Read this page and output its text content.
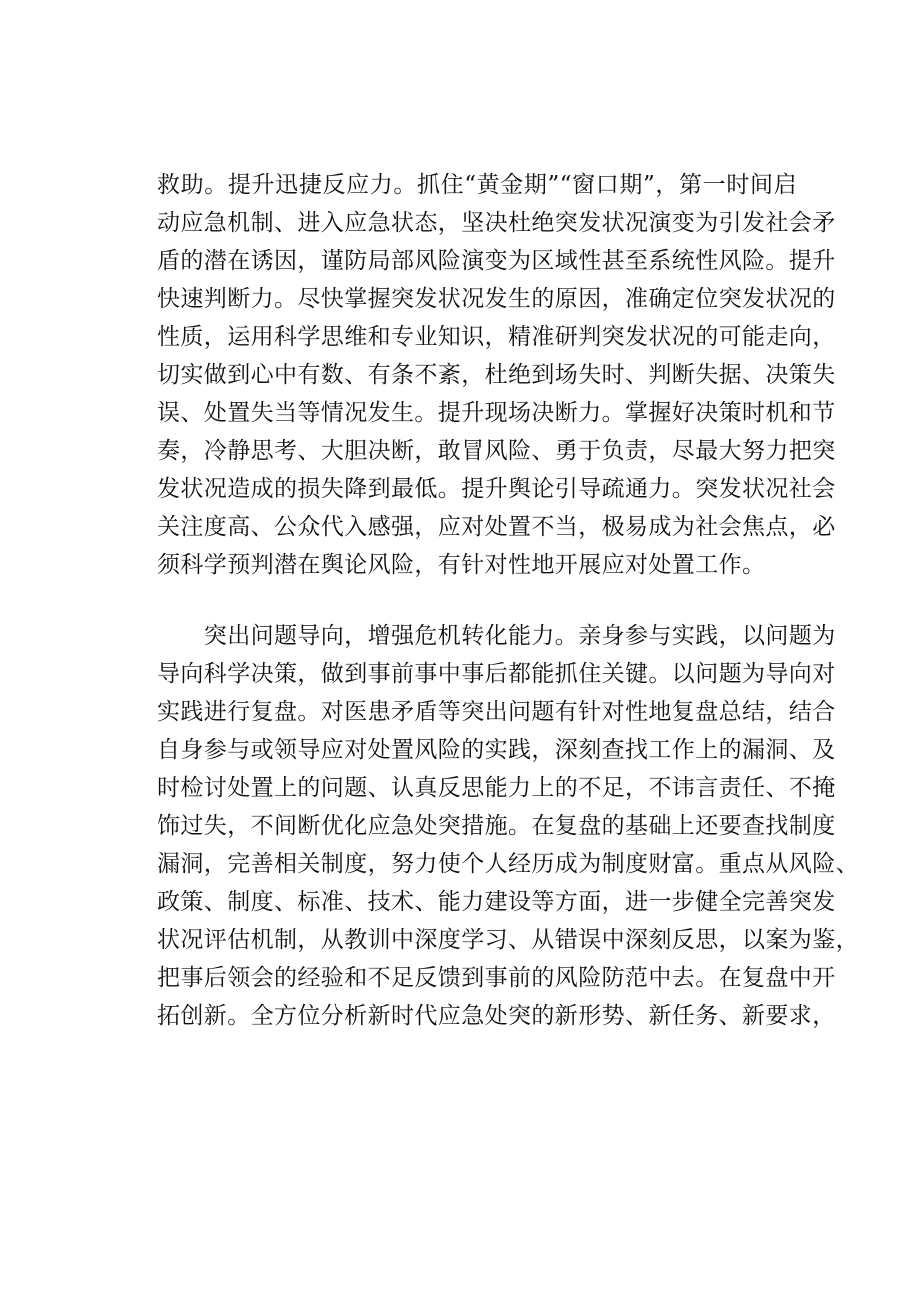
救助。提升迅捷反应力。抓住“黄金期”“窗口期”，第一时间启
动应急机制、进入应急状态，坚决杜绝突发状况演变为引发社会矛
盾的潜在诱因，谨防局部风险演变为区域性甚至系统性风险。提升
快速判断力。尽快掌握突发状况发生的原因，准确定位突发状况的
性质，运用科学思维和专业知识，精准研判突发状况的可能走向，
切实做到心中有数、有条不紊，杜绝到场失时、判断失据、决策失
误、处置失当等情况发生。提升现场决断力。掌握好决策时机和节
奏，冷静思考、大胆决断，敢冒风险、勇于负责，尽最大努力把突
发状况造成的损失降到最低。提升舆论引导疏通力。突发状况社会
关注度高、公众代入感强，应对处置不当，极易成为社会焦点，必
须科学预判潜在舆论风险，有针对性地开展应对处置工作。
　　突出问题导向，增强危机转化能力。亲身参与实践，以问题为
导向科学决策，做到事前事中事后都能抓住关键。以问题为导向对
实践进行复盘。对医患矛盾等突出问题有针对性地复盘总结，结合
自身参与或领导应对处置风险的实践，深刻查找工作上的漏洞、及
时检讨处置上的问题、认真反思能力上的不足，不讳言责任、不掩
饰过失，不间断优化应急处突措施。在复盘的基础上还要查找制度
漏洞，完善相关制度，努力使个人经历成为制度财富。重点从风险、
政策、制度、标准、技术、能力建设等方面，进一步健全完善突发
状况评估机制，从教训中深度学习、从错误中深刻反思，以案为鉴，
把事后领会的经验和不足反馈到事前的风险防范中去。在复盘中开
拓创新。全方位分析新时代应急处突的新形势、新任务、新要求，
